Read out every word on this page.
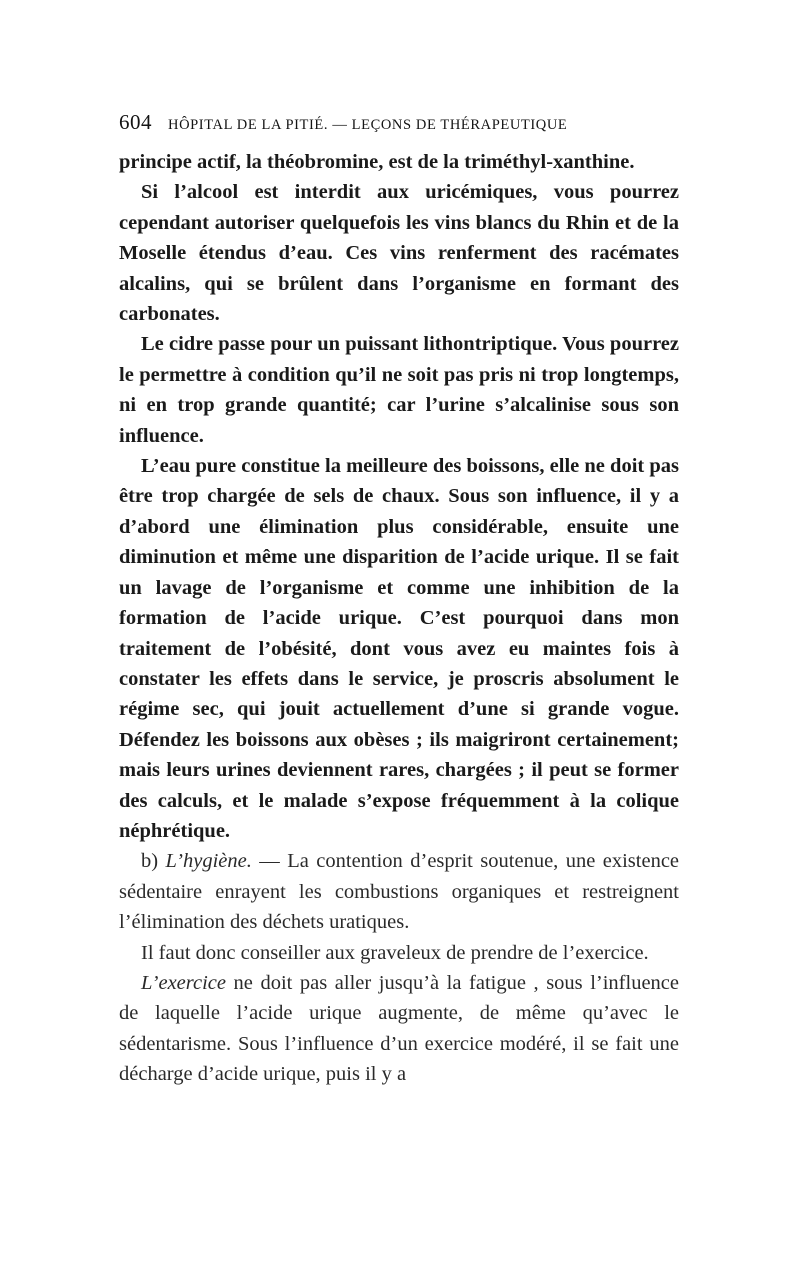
604 HÔPITAL DE LA PITIÉ. — LEÇONS DE THÉRAPEUTIQUE

principe actif, la théobromine, est de la triméthyl-xanthine.

Si l’alcool est interdit aux uricémiques, vous pourrez cependant autoriser quelquefois les vins blancs du Rhin et de la Moselle étendus d’eau. Ces vins renferment des racémates alcalins, qui se brûlent dans l’organisme en formant des carbonates.

Le cidre passe pour un puissant lithontriptique. Vous pourrez le permettre à condition qu’il ne soit pas pris ni trop longtemps, ni en trop grande quantité; car l’urine s’alcalinise sous son influence.

L’eau pure constitue la meilleure des boissons, elle ne doit pas être trop chargée de sels de chaux. Sous son influence, il y a d’abord une élimination plus considérable, ensuite une diminution et même une disparition de l’acide urique. Il se fait un lavage de l’organisme et comme une inhibition de la formation de l’acide urique. C’est pourquoi dans mon traitement de l’obésité, dont vous avez eu maintes fois à constater les effets dans le service, je proscris absolument le régime sec, qui jouit actuellement d’une si grande vogue. Défendez les boissons aux obèses ; ils maigriront certainement; mais leurs urines deviennent rares, chargées ; il peut se former des calculs, et le malade s’expose fréquemment à la colique néphrétique.

b) L’hygiène. — La contention d’esprit soutenue, une existence sédentaire enrayent les combustions organiques et restreignent l’élimination des déchets uratiques.

Il faut donc conseiller aux graveleux de prendre de l’exercice.

L’exercice ne doit pas aller jusqu’à la fatigue , sous l’influence de laquelle l’acide urique augmente, de même qu’avec le sédentarisme. Sous l’influence d’un exercice modéré, il se fait une décharge d’acide urique, puis il y a
